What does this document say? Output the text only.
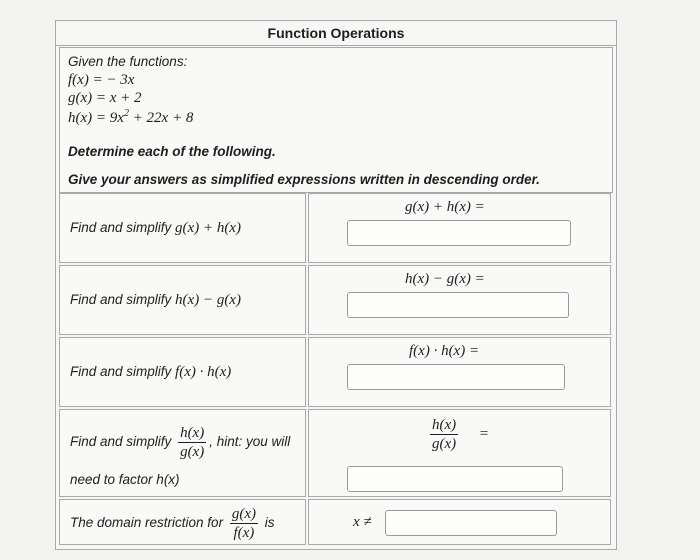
Function Operations
Given the functions:
f(x) = − 3x
g(x) = x + 2
$h(x) = 9x^2 + 22x + 8$
Determine each of the following.
Give your answers as simplified expressions written in descending order.
Find and simplify g(x) + h(x)
g(x) + h(x) =
h(x) − g(x) =
Find and simplify h(x) − g(x)
Find and simplify f(x) · h(x)
f(x) · h(x) =
Find and simplify $\frac{h(x)}{g(x)}$ , hint: you will
need to factor h(x)
$\frac{h(x)}{g(x)}$ =
The domain restriction for $\frac{g(x)}{f(x)}$ is	x ≠
